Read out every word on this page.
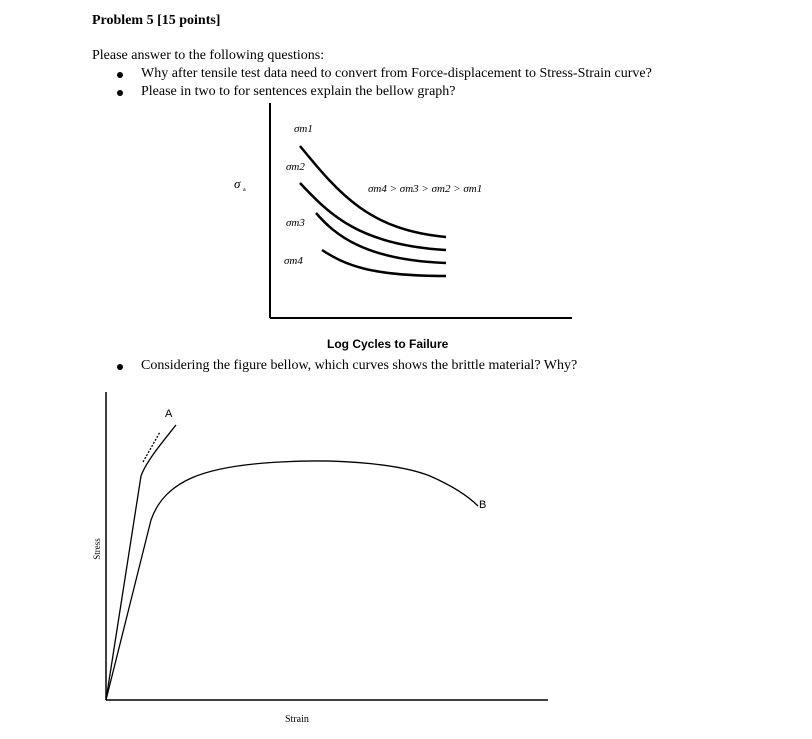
Problem 5 [15 points]
Please answer to the following questions:
Why after tensile test data need to convert from Force-displacement to Stress-Strain curve?
Please in two to for sentences explain the bellow graph?
Considering the figure bellow, which curves shows the brittle material? Why?
σ a
σm1
σm2
σm3
σm4
σm4 > σm3 > σm2 > σm1
Log Cycles to Failure
A
B
Strain
Stress
